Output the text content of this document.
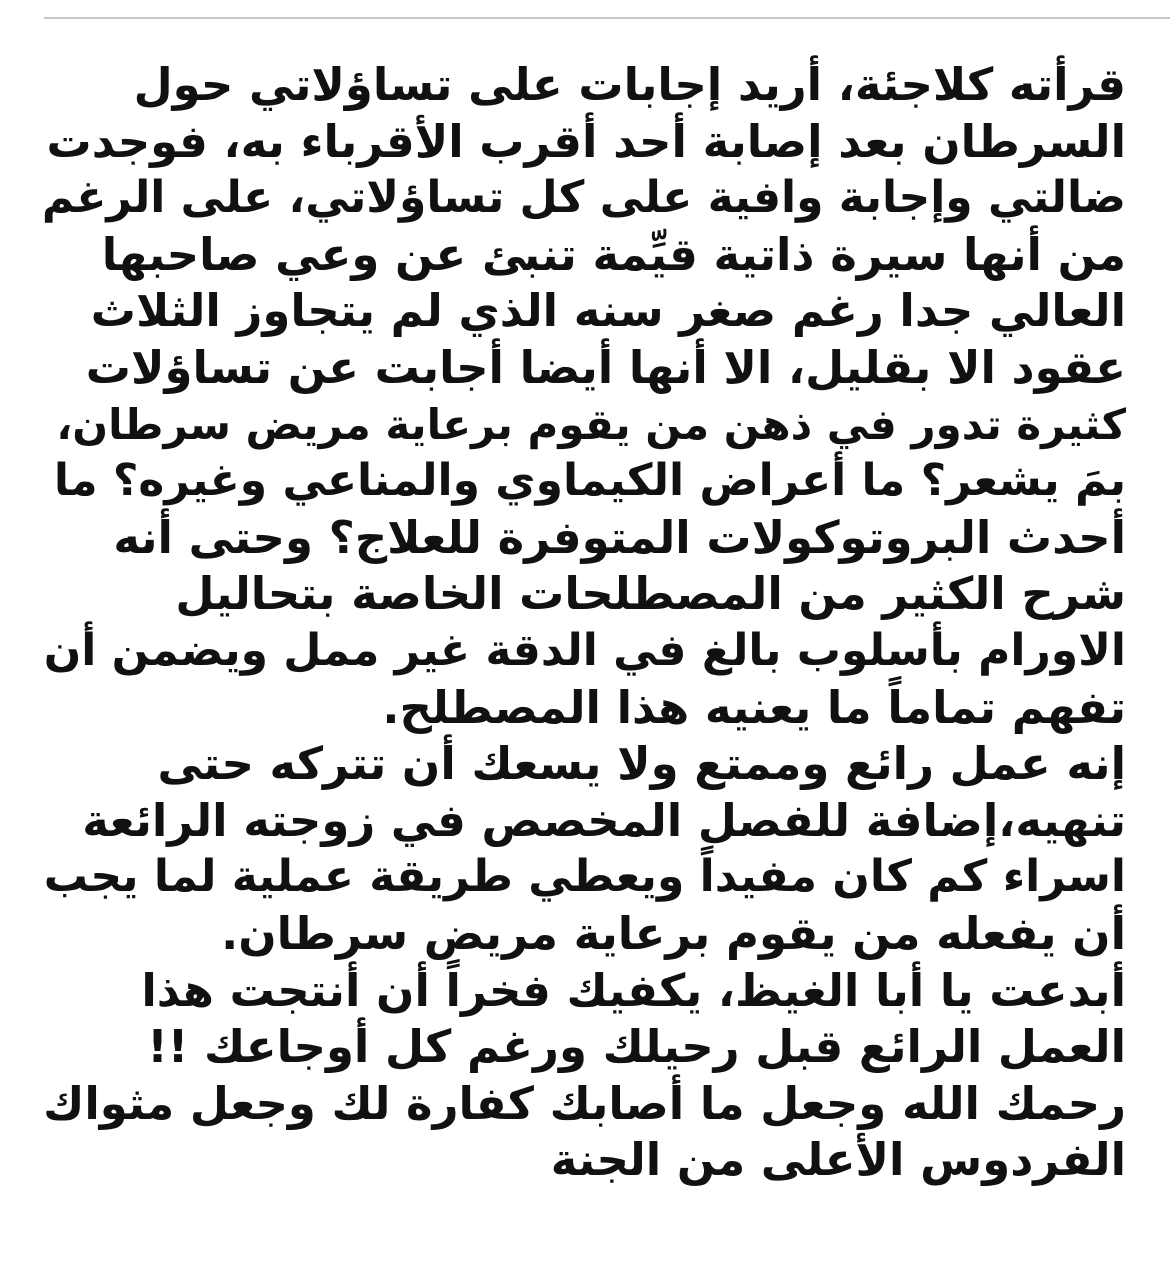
قرأته كلاجئة، أريد إجابات على تساؤلاتي حول
السرطان بعد إصابة أحد أقرب الأقرباء به، فوجدت
ضالتي وإجابة وافية على كل تساؤلاتي، على الرغم
من أنها سيرة ذاتية قيِّمة تنبئ عن وعي صاحبها
العالي جدا رغم صغر سنه الذي لم يتجاوز الثلاث
عقود الا بقليل، الا أنها أيضا أجابت عن تساؤلات
كثيرة تدور في ذهن من يقوم برعاية مريض سرطان،
بمَ يشعر؟ ما أعراض الكيماوي والمناعي وغيره؟ ما
أحدث البروتوكولات المتوفرة للعلاج؟ وحتى أنه
شرح الكثير من المصطلحات الخاصة بتحاليل
الاورام بأسلوب بالغ في الدقة غير ممل ويضمن أن
تفهم تماماً ما يعنيه هذا المصطلح.
إنه عمل رائع وممتع ولا يسعك أن تتركه حتى
تنهيه،إضافة للفصل المخصص في زوجته الرائعة
اسراء كم كان مفيداً ويعطي طريقة عملية لما يجب
أن يفعله من يقوم برعاية مريض سرطان.
أبدعت يا أبا الغيظ، يكفيك فخراً أن أنتجت هذا
العمل الرائع قبل رحيلك ورغم كل أوجاعك !!
رحمك الله وجعل ما أصابك كفارة لك وجعل مثواك
الفردوس الأعلى من الجنة
